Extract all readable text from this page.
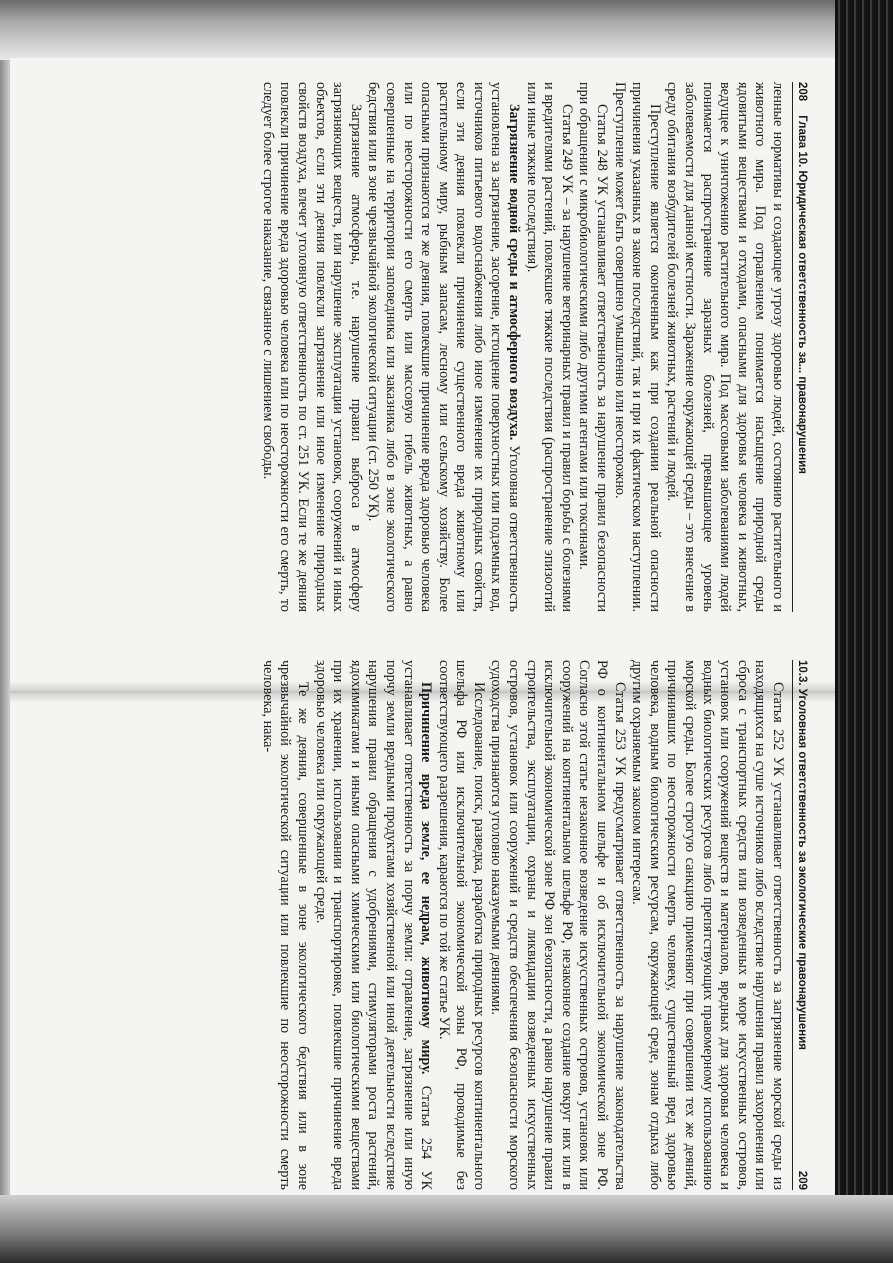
208
Глава 10. Юридическая ответственность за... правонарушения

ленные нормативы и создающее угрозу здоровью людей, состоянию растительного и животного мира. Под отравлением понимается насыщение природной среды ядовитыми веществами и отходами, опасными для здоровья человека и животных, ведущее к уничтожению растительного мира. Под массовыми заболеваниями людей понимается распространение заразных болезней, превышающее уровень заболеваемости для данной местности. Заражение окружающей среды – это внесение в среду обитания возбудителей болезней животных, растений и людей.

Преступление является оконченным как при создании реальной опасности причинения указанных в законе последствий, так и при их фактическом наступлении. Преступление может быть совершено умышленно или неосторожно.

Статья 248 УК устанавливает ответственность за нарушение правил безопасности при обращении с микробиологическими либо другими агентами или токсинами.

Статья 249 УК – за нарушение ветеринарных правил и правил борьбы с болезнями и вредителями растений, повлекшее тяжкие последствия (распространение эпизоотий или иные тяжкие последствия).

Загрязнение водной среды и атмосферного воздуха. Уголовная ответственность установлена за загрязнение, засорение, истощение поверхностных или подземных вод, источников питьевого водоснабжения либо иное изменение их природных свойств, если эти деяния повлекли причинение существенного вреда животному или растительному миру, рыбным запасам, лесному или сельскому хозяйству. Более опасными признаются те же деяния, повлекшие причинение вреда здоровью человека или по неосторожности его смерть или массовую гибель животных, а равно совершенные на территории заповедника или заказника либо в зоне экологического бедствия или в зоне чрезвычайной экологической ситуации (ст. 250 УК).

Загрязнение атмосферы, т.е. нарушение правил выброса в атмосферу загрязняющих веществ, или нарушение эксплуатации установок, сооружений и иных объектов, если эти деяния повлекли загрязнение или иное изменение природных свойств воздуха, влечет уголовную ответственность по ст. 251 УК. Если те же деяния повлекли причинение вреда здоровью человека или по неосторожности его смерть, то следует более строгое наказание, связанное с лишением свободы.

10.3. Уголовная ответственность за экологические правонарушения
209

Статья 252 УК устанавливает ответственность за загрязнение морской среды из находящихся на суше источников либо вследствие нарушения правил захоронения или сброса с транспортных средств или возведенных в море искусственных островов, установок или сооружений веществ и материалов, вредных для здоровья человека и водных биологических ресурсов либо препятствующих правомерному использованию морской среды. Более строгую санкцию применяют при совершении тех же деяний, причинивших по неосторожности смерть человеку, существенный вред здоровью человека, водным биологическим ресурсам, окружающей среде, зонам отдыха либо другим охраняемым законом интересам.

Статья 253 УК предусматривает ответственность за нарушение законодательства РФ о континентальном шельфе и об исключительной экономической зоне РФ. Согласно этой статье незаконное возведение искусственных островов, установок или сооружений на континентальном шельфе РФ, незаконное создание вокруг них или в исключительной экономической зоне РФ зон безопасности, а равно нарушение правил строительства, эксплуатации, охраны и ликвидации возведенных искусственных островов, установок или сооружений и средств обеспечения безопасности морского судоходства признаются уголовно наказуемыми деяниями.

Исследование, поиск, разведка, разработка природных ресурсов континентального шельфа РФ или исключительной экономической зоны РФ, проводимые без соответствующего разрешения, караются по той же статье УК.

Причинение вреда земле, ее недрам, животному миру. Статья 254 УК устанавливает ответственность за порчу земли: отравление, загрязнение или иную порчу земли вредными продуктами хозяйственной или иной деятельности вследствие нарушения правил обращения с удобрениями, стимуляторами роста растений, ядохимикатами и иными опасными химическими или биологическими веществами при их хранении, использовании и транспортировке, повлекшие причинение вреда здоровью человека или окружающей среде.

Те же деяния, совершенные в зоне экологического бедствия или в зоне чрезвычайной экологической ситуации или повлекшие по неосторожности смерть человека, нака-
